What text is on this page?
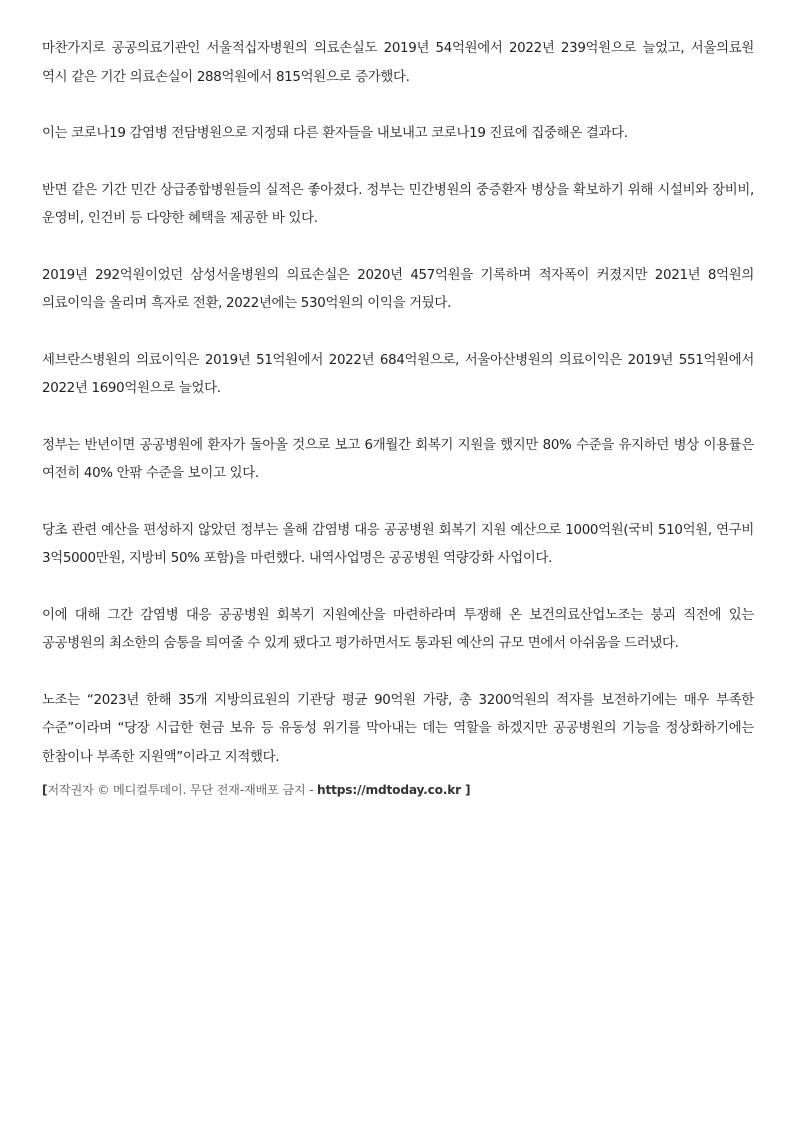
마찬가지로 공공의료기관인 서울적십자병원의 의료손실도 2019년 54억원에서 2022년 239억원으로 늘었고, 서울의료원 역시 같은 기간 의료손실이 288억원에서 815억원으로 증가했다.

이는 코로나19 감염병 전담병원으로 지정돼 다른 환자들을 내보내고 코로나19 진료에 집중해온 결과다.

반면 같은 기간 민간 상급종합병원들의 실적은 좋아졌다. 정부는 민간병원의 중증환자 병상을 확보하기 위해 시설비와 장비비, 운영비, 인건비 등 다양한 혜택을 제공한 바 있다.

2019년 292억원이었던 삼성서울병원의 의료손실은 2020년 457억원을 기록하며 적자폭이 커졌지만 2021년 8억원의 의료이익을 올리며 흑자로 전환, 2022년에는 530억원의 이익을 거뒀다.

세브란스병원의 의료이익은 2019년 51억원에서 2022년 684억원으로, 서울아산병원의 의료이익은 2019년 551억원에서 2022년 1690억원으로 늘었다.

정부는 반년이면 공공병원에 환자가 돌아올 것으로 보고 6개월간 회복기 지원을 했지만 80% 수준을 유지하던 병상 이용률은 여전히 40% 안팎 수준을 보이고 있다.

당초 관련 예산을 편성하지 않았던 정부는 올해 감염병 대응 공공병원 회복기 지원 예산으로 1000억원(국비 510억원, 연구비 3억5000만원, 지방비 50% 포함)을 마련했다. 내역사업명은 공공병원 역량강화 사업이다.

이에 대해 그간 감염병 대응 공공병원 회복기 지원예산을 마련하라며 투쟁해 온 보건의료산업노조는 붕괴 직전에 있는 공공병원의 최소한의 숨통을 틔여줄 수 있게 됐다고 평가하면서도 통과된 예산의 규모 면에서 아쉬움을 드러냈다.

노조는 “2023년 한해 35개 지방의료원의 기관당 평균 90억원 가량, 총 3200억원의 적자를 보전하기에는 매우 부족한 수준”이라며 “당장 시급한 현금 보유 등 유동성 위기를 막아내는 데는 역할을 하겠지만 공공병원의 기능을 정상화하기에는 한참이나 부족한 지원액”이라고 지적했다.

[저작권자 © 메디컬투데이. 무단 전재-재배포 금지 - https://mdtoday.co.kr ]
